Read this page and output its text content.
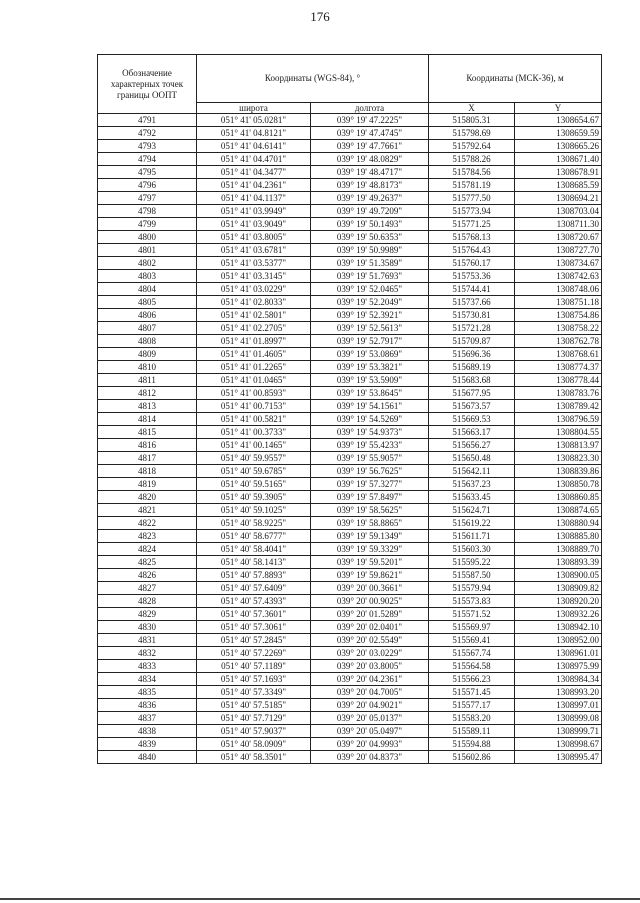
176
Обозначение характерных точек границы ООПТ	Координаты (WGS-84), °		Координаты (МСК-36), м	
	широта	долгота	X	Y
4791	051° 41' 05.0281"	039° 19' 47.2225"	515805.31	1308654.67
4792	051° 41' 04.8121"	039° 19' 47.4745"	515798.69	1308659.59
4793	051° 41' 04.6141"	039° 19' 47.7661"	515792.64	1308665.26
4794	051° 41' 04.4701"	039° 19' 48.0829"	515788.26	1308671.40
4795	051° 41' 04.3477"	039° 19' 48.4717"	515784.56	1308678.91
4796	051° 41' 04.2361"	039° 19' 48.8173"	515781.19	1308685.59
4797	051° 41' 04.1137"	039° 19' 49.2637"	515777.50	1308694.21
4798	051° 41' 03.9949"	039° 19' 49.7209"	515773.94	1308703.04
4799	051° 41' 03.9049"	039° 19' 50.1493"	515771.25	1308711.30
4800	051° 41' 03.8005"	039° 19' 50.6353"	515768.13	1308720.67
4801	051° 41' 03.6781"	039° 19' 50.9989"	515764.43	1308727.70
4802	051° 41' 03.5377"	039° 19' 51.3589"	515760.17	1308734.67
4803	051° 41' 03.3145"	039° 19' 51.7693"	515753.36	1308742.63
4804	051° 41' 03.0229"	039° 19' 52.0465"	515744.41	1308748.06
4805	051° 41' 02.8033"	039° 19' 52.2049"	515737.66	1308751.18
4806	051° 41' 02.5801"	039° 19' 52.3921"	515730.81	1308754.86
4807	051° 41' 02.2705"	039° 19' 52.5613"	515721.28	1308758.22
4808	051° 41' 01.8997"	039° 19' 52.7917"	515709.87	1308762.78
4809	051° 41' 01.4605"	039° 19' 53.0869"	515696.36	1308768.61
4810	051° 41' 01.2265"	039° 19' 53.3821"	515689.19	1308774.37
4811	051° 41' 01.0465"	039° 19' 53.5909"	515683.68	1308778.44
4812	051° 41' 00.8593"	039° 19' 53.8645"	515677.95	1308783.76
4813	051° 41' 00.7153"	039° 19' 54.1561"	515673.57	1308789.42
4814	051° 41' 00.5821"	039° 19' 54.5269"	515669.53	1308796.59
4815	051° 41' 00.3733"	039° 19' 54.9373"	515663.17	1308804.55
4816	051° 41' 00.1465"	039° 19' 55.4233"	515656.27	1308813.97
4817	051° 40' 59.9557"	039° 19' 55.9057"	515650.48	1308823.30
4818	051° 40' 59.6785"	039° 19' 56.7625"	515642.11	1308839.86
4819	051° 40' 59.5165"	039° 19' 57.3277"	515637.23	1308850.78
4820	051° 40' 59.3905"	039° 19' 57.8497"	515633.45	1308860.85
4821	051° 40' 59.1025"	039° 19' 58.5625"	515624.71	1308874.65
4822	051° 40' 58.9225"	039° 19' 58.8865"	515619.22	1308880.94
4823	051° 40' 58.6777"	039° 19' 59.1349"	515611.71	1308885.80
4824	051° 40' 58.4041"	039° 19' 59.3329"	515603.30	1308889.70
4825	051° 40' 58.1413"	039° 19' 59.5201"	515595.22	1308893.39
4826	051° 40' 57.8893"	039° 19' 59.8621"	515587.50	1308900.05
4827	051° 40' 57.6409"	039° 20' 00.3661"	515579.94	1308909.82
4828	051° 40' 57.4393"	039° 20' 00.9025"	515573.83	1308920.20
4829	051° 40' 57.3601"	039° 20' 01.5289"	515571.52	1308932.26
4830	051° 40' 57.3061"	039° 20' 02.0401"	515569.97	1308942.10
4831	051° 40' 57.2845"	039° 20' 02.5549"	515569.41	1308952.00
4832	051° 40' 57.2269"	039° 20' 03.0229"	515567.74	1308961.01
4833	051° 40' 57.1189"	039° 20' 03.8005"	515564.58	1308975.99
4834	051° 40' 57.1693"	039° 20' 04.2361"	515566.23	1308984.34
4835	051° 40' 57.3349"	039° 20' 04.7005"	515571.45	1308993.20
4836	051° 40' 57.5185"	039° 20' 04.9021"	515577.17	1308997.01
4837	051° 40' 57.7129"	039° 20' 05.0137"	515583.20	1308999.08
4838	051° 40' 57.9037"	039° 20' 05.0497"	515589.11	1308999.71
4839	051° 40' 58.0909"	039° 20' 04.9993"	515594.88	1308998.67
4840	051° 40' 58.3501"	039° 20' 04.8373"	515602.86	1308995.47
